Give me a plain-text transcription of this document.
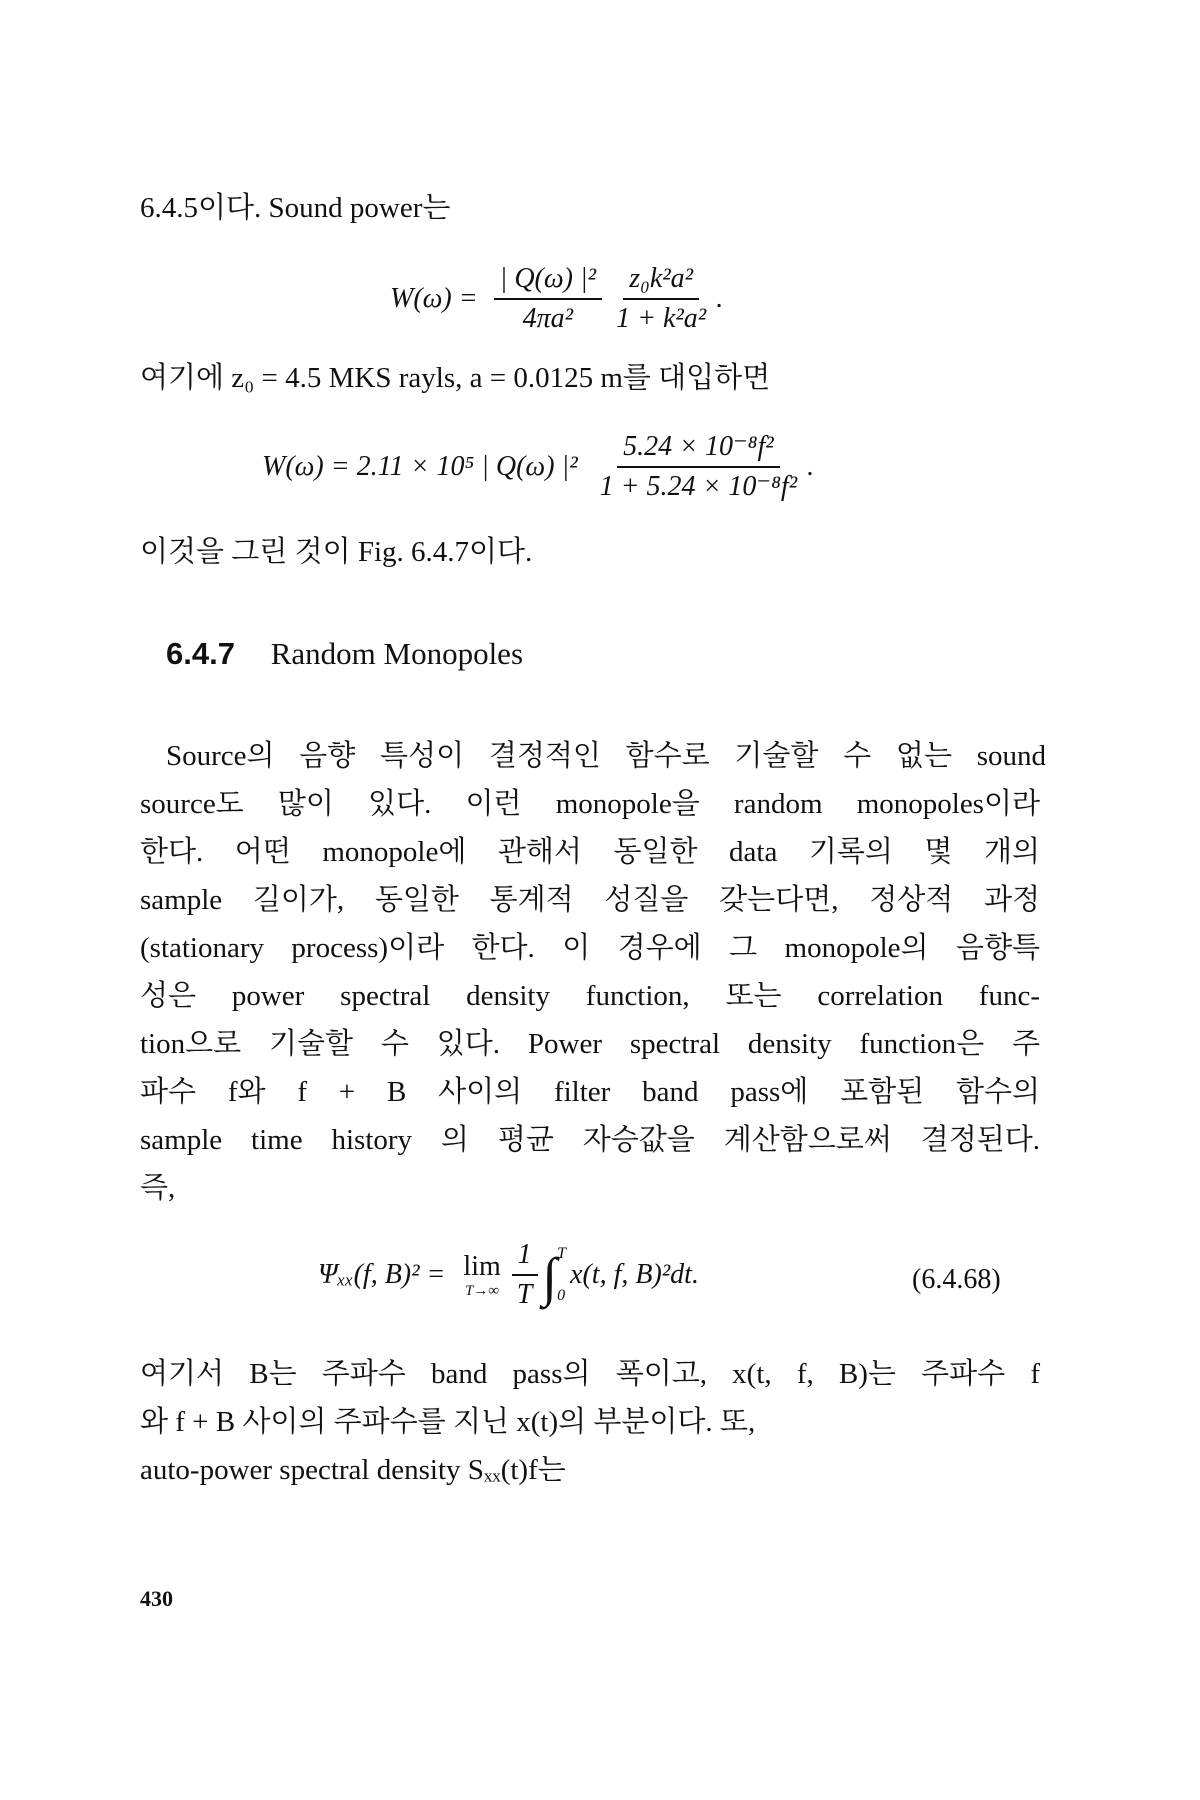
6.4.5이다. Sound power는
$W(\omega) = \frac{\text{| Q(ω) |²}}{\text{4πa²}} \frac{\text{z₀k²a²}}{\text{1 + k²a²}}$ .
여기에 z₀ = 4.5 MKS rayls, a = 0.0125 m를 대입하면
W(ω) = 2.11 × 10⁵ | Q(ω) $|^2 \frac{\text{5.24 × 10⁻⁸f²}}{\text{1 + 5.24 × 10⁻⁸f²}}$ .
이것을 그린 것이 Fig. 6.4.7이다.
6.4.7 Random Monopoles
Source의 음향 특성이 결정적인 함수로 기술할 수 없는 sound
source도 많이 있다. 이런 monopole을 random monopoles이라
한다. 어떤 monopole에 관해서 동일한 data 기록의 몇 개의
sample 길이가, 동일한 통계적 성질을 갖는다면, 정상적 과정
(stationary process)이라 한다. 이 경우에 그 monopole의 음향특
성은 power spectral density function, 또는 correlation func-
tion으로 기술할 수 있다. Power spectral density function은 주
파수 f와 f + B 사이의 filter band pass에 포함된 함수의
sample time history 의 평균 자승값을 계산함으로써 결정된다.
즉,
Ψₓₓ(f, B)² = lim
$T\to\infty \frac{1}{T}$ ∫ T
0
x(t, f, B)²dt.	(6.4.68)
여기서 B는 주파수 band pass의 폭이고, x(t, f, B)는 주파수 f
와 f + B 사이의 주파수를 지닌 x(t)의 부분이다. 또,
auto-power spectral density Sₓₓ(t)f는
430
